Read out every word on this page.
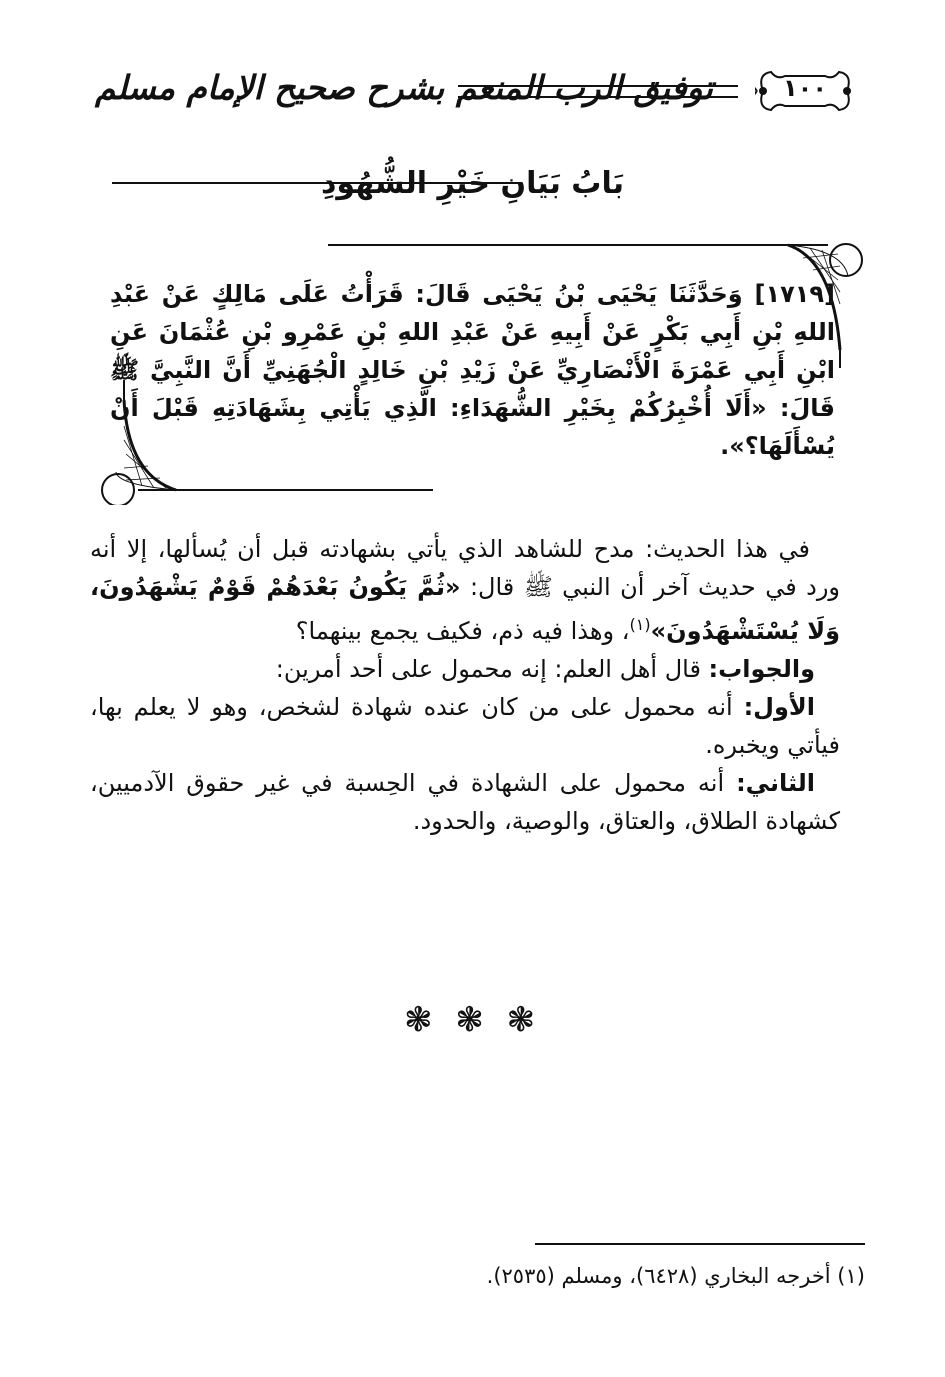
توفيق الرب المنعم بشرح صحيح الإمام مسلم	١٠٠
بَابُ بَيَانِ خَيْرِ الشُّهُودِ
[١٧١٩] وَحَدَّثَنَا يَحْيَى بْنُ يَحْيَى قَالَ: قَرَأْتُ عَلَى مَالِكٍ عَنْ عَبْدِ اللهِ بْنِ أَبِي بَكْرٍ عَنْ أَبِيهِ عَنْ عَبْدِ اللهِ بْنِ عَمْرِو بْنِ عُثْمَانَ عَنِ ابْنِ أَبِي عَمْرَةَ الْأَنْصَارِيِّ عَنْ زَيْدِ بْنِ خَالِدٍ الْجُهَنِيِّ أَنَّ النَّبِيَّ ﷺ قَالَ: «أَلَا أُخْبِرُكُمْ بِخَيْرِ الشُّهَدَاءِ: الَّذِي يَأْتِي بِشَهَادَتِهِ قَبْلَ أَنْ يُسْأَلَهَا؟».

في هذا الحديث: مدح للشاهد الذي يأتي بشهادته قبل أن يُسألها، إلا أنه ورد في حديث آخر أن النبي ﷺ قال: «ثُمَّ يَكُونُ بَعْدَهُمْ قَوْمٌ يَشْهَدُونَ، وَلَا يُسْتَشْهَدُونَ»$^{(١)}$، وهذا فيه ذم، فكيف يجمع بينهما؟

والجواب: قال أهل العلم: إنه محمول على أحد أمرين:

الأول: أنه محمول على من كان عنده شهادة لشخص، وهو لا يعلم بها، فيأتي ويخبره.

الثاني: أنه محمول على الشهادة في الحِسبة في غير حقوق الآدميين، كشهادة الطلاق، والعتاق، والوصية، والحدود.

❃ ❃ ❃
(١) أخرجه البخاري (٦٤٢٨)، ومسلم (٢٥٣٥).
